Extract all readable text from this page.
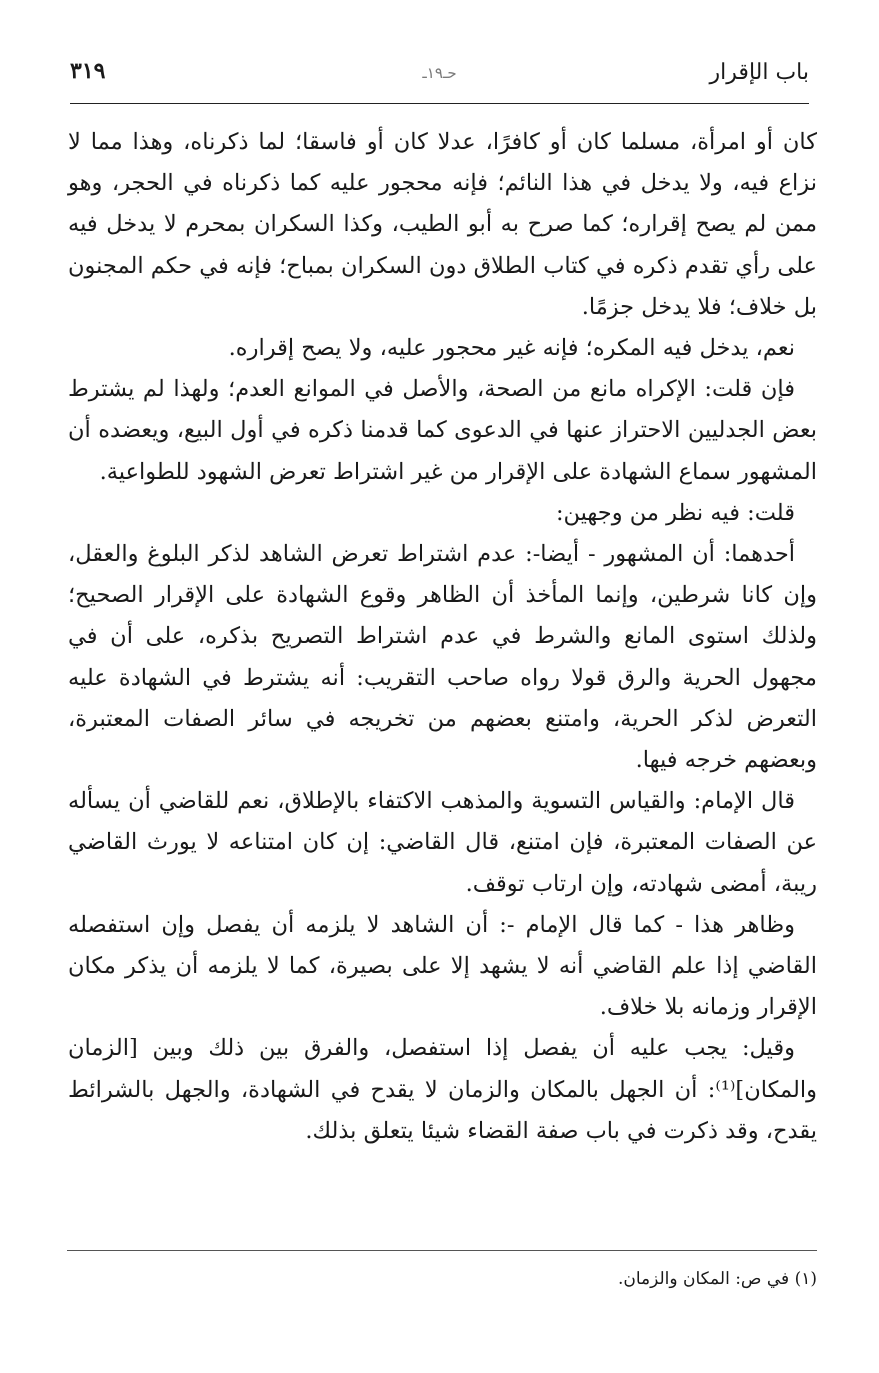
باب الإقرار
حـ١٩ـ
٣١٩

كان أو امرأة، مسلما كان أو كافرًا، عدلا كان أو فاسقا؛ لما ذكرناه، وهذا مما لا نزاع فيه، ولا يدخل في هذا النائم؛ فإنه محجور عليه كما ذكرناه في الحجر، وهو ممن لم يصح إقراره؛ كما صرح به أبو الطيب، وكذا السكران بمحرم لا يدخل فيه على رأي تقدم ذكره في كتاب الطلاق دون السكران بمباح؛ فإنه في حكم المجنون بل خلاف؛ فلا يدخل جزمًا.

نعم، يدخل فيه المكره؛ فإنه غير محجور عليه، ولا يصح إقراره.

فإن قلت: الإكراه مانع من الصحة، والأصل في الموانع العدم؛ ولهذا لم يشترط بعض الجدليين الاحتراز عنها في الدعوى كما قدمنا ذكره في أول البيع، ويعضده أن المشهور سماع الشهادة على الإقرار من غير اشتراط تعرض الشهود للطواعية.

قلت: فيه نظر من وجهين:

أحدهما: أن المشهور - أيضا-: عدم اشتراط تعرض الشاهد لذكر البلوغ والعقل، وإن كانا شرطين، وإنما المأخذ أن الظاهر وقوع الشهادة على الإقرار الصحيح؛ ولذلك استوى المانع والشرط في عدم اشتراط التصريح بذكره، على أن في مجهول الحرية والرق قولا رواه صاحب التقريب: أنه يشترط في الشهادة عليه التعرض لذكر الحرية، وامتنع بعضهم من تخريجه في سائر الصفات المعتبرة، وبعضهم خرجه فيها.

قال الإمام: والقياس التسوية والمذهب الاكتفاء بالإطلاق، نعم للقاضي أن يسأله عن الصفات المعتبرة، فإن امتنع، قال القاضي: إن كان امتناعه لا يورث القاضي ريبة، أمضى شهادته، وإن ارتاب توقف.

وظاهر هذا - كما قال الإمام -: أن الشاهد لا يلزمه أن يفصل وإن استفصله القاضي إذا علم القاضي أنه لا يشهد إلا على بصيرة، كما لا يلزمه أن يذكر مكان الإقرار وزمانه بلا خلاف.

وقيل: يجب عليه أن يفصل إذا استفصل، والفرق بين ذلك وبين [الزمان والمكان]⁽¹⁾: أن الجهل بالمكان والزمان لا يقدح في الشهادة، والجهل بالشرائط يقدح، وقد ذكرت في باب صفة القضاء شيئا يتعلق بذلك.

(١) في ص: المكان والزمان.
